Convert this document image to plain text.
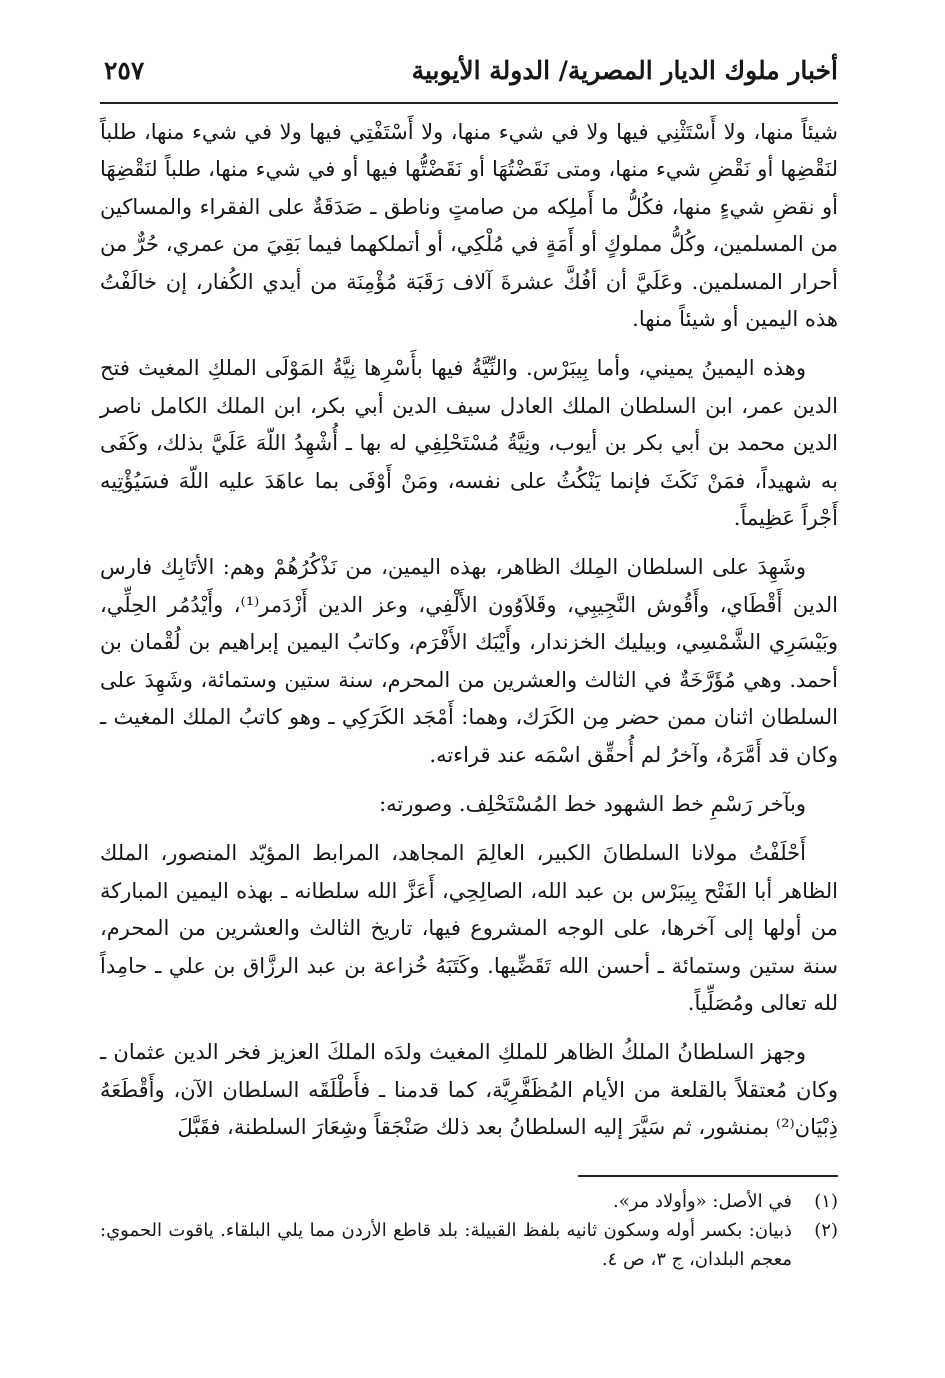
أخبار ملوك الديار المصرية/ الدولة الأيوبية
٢٥٧

شيئاً منها، ولا أَسْتَثْنِي فيها ولا في شيء منها، ولا أَسْتَفْتِي فيها ولا في شيء منها، طلباً لنَقْضِها أو نَقْضِ شيء منها، ومتى نَقَضْتُهَا أو نَقَضْتُّها فيها أو في شيء منها، طلباً لنَقْضِهَا أو نقضِ شيءٍ منها، فكُلُّ ما أَملِكه من صامتٍ وناطق ـ صَدَقَةٌ على الفقراء والمساكين من المسلمين، وكُلُّ مملوكٍ أو أَمَةٍ في مُلْكِي، أو أتملكهما فيما بَقِيَ من عمري، حُرٌّ من أحرار المسلمين. وعَلَيَّ أن أفُكَّ عشرةَ آلاف رَقَبَة مُؤْمِنَة من أيدي الكُفار، إن خالَفْتُ هذه اليمين أو شيئاً منها.

وهذه اليمينُ يميني، وأما بِيبَرْس. والنِّيَّةُ فيها بأَسْرِها نِيَّةُ المَوْلَى الملكِ المغيث فتح الدين عمر، ابن السلطان الملك العادل سيف الدين أبي بكر، ابن الملك الكامل ناصر الدين محمد بن أبي بكر بن أيوب، ونِيَّةُ مُسْتَحْلِفِي له بها ـ أُشْهِدُ اللّهَ عَلَيَّ بذلك، وكَفَى به شهيداً، فمَنْ نَكَثَ فإنما يَنْكُثُ على نفسه، ومَنْ أَوْفَى بما عاهَدَ عليه اللّهَ فسَيُؤْتِيه أَجْراً عَظِيماً.

وشَهِدَ على السلطان المِلك الظاهر، بهذه اليمين، من نَذْكُرُهُمْ وهم: الأتَابِك فارس الدين أَقْطَاي، وأَقُوش النَّجِيبِي، وقَلاَوُون الأَلْفِي، وعز الدين أَزْدَمر⁽¹⁾، وأَيْدُمُر الحِلِّي، وبَيْسَرِي الشَّمْسِي، وبيليك الخزندار، وأَيْبَك الأَفْرَم، وكاتبُ اليمين إبراهيم بن لُقْمان بن أحمد. وهي مُؤَرَّخَةٌ في الثالث والعشرين من المحرم، سنة ستين وستمائة، وشَهِدَ على السلطان اثنان ممن حضر مِن الكَرَك، وهما: أَمْجَد الكَرَكِي ـ وهو كاتبُ الملك المغيث ـ وكان قد أَمَّرَهُ، وآخرُ لم أُحقِّق اسْمَه عند قراءته.

وبآخر رَسْمِ خط الشهود خط المُسْتَحْلِف. وصورته:

أَحْلَفْتُ مولانا السلطانَ الكبير، العالِمَ المجاهد، المرابط المؤيّد المنصور، الملك الظاهر أبا الفَتْح بِيبَرْس بن عبد الله، الصالِحِي، أَعَزَّ الله سلطانه ـ بهذه اليمين المباركة من أولها إلى آخرها، على الوجه المشروع فيها، تاريخ الثالث والعشرين من المحرم، سنة ستين وستمائة ـ أحسن الله تَقَضِّيها. وكَتَبَهُ خُزاعة بن عبد الرزَّاق بن علي ـ حامِداً لله تعالى ومُصَلِّياً.

وجهز السلطانُ الملكُ الظاهر للملكِ المغيث ولدَه الملكَ العزيز فخر الدين عثمان ـ وكان مُعتقلاً بالقلعة من الأيام المُظَفَّرِيَّة، كما قدمنا ـ فأَطْلَقَه السلطان الآن، وأَقْطَعَهُ ذِبْيَان⁽²⁾ بمنشور، ثم سَيَّرَ إليه السلطانُ بعد ذلك صَنْجَقاً وشِعَارَ السلطنة، فقَبَّلَ

(١)
في الأصل: «وأولاد مر».
(٢)
ذبيان: بكسر أوله وسكون ثانيه بلفظ القبيلة: بلد قاطع الأردن مما يلي البلقاء. ياقوت الحموي: معجم البلدان، ج ٣، ص ٤.
